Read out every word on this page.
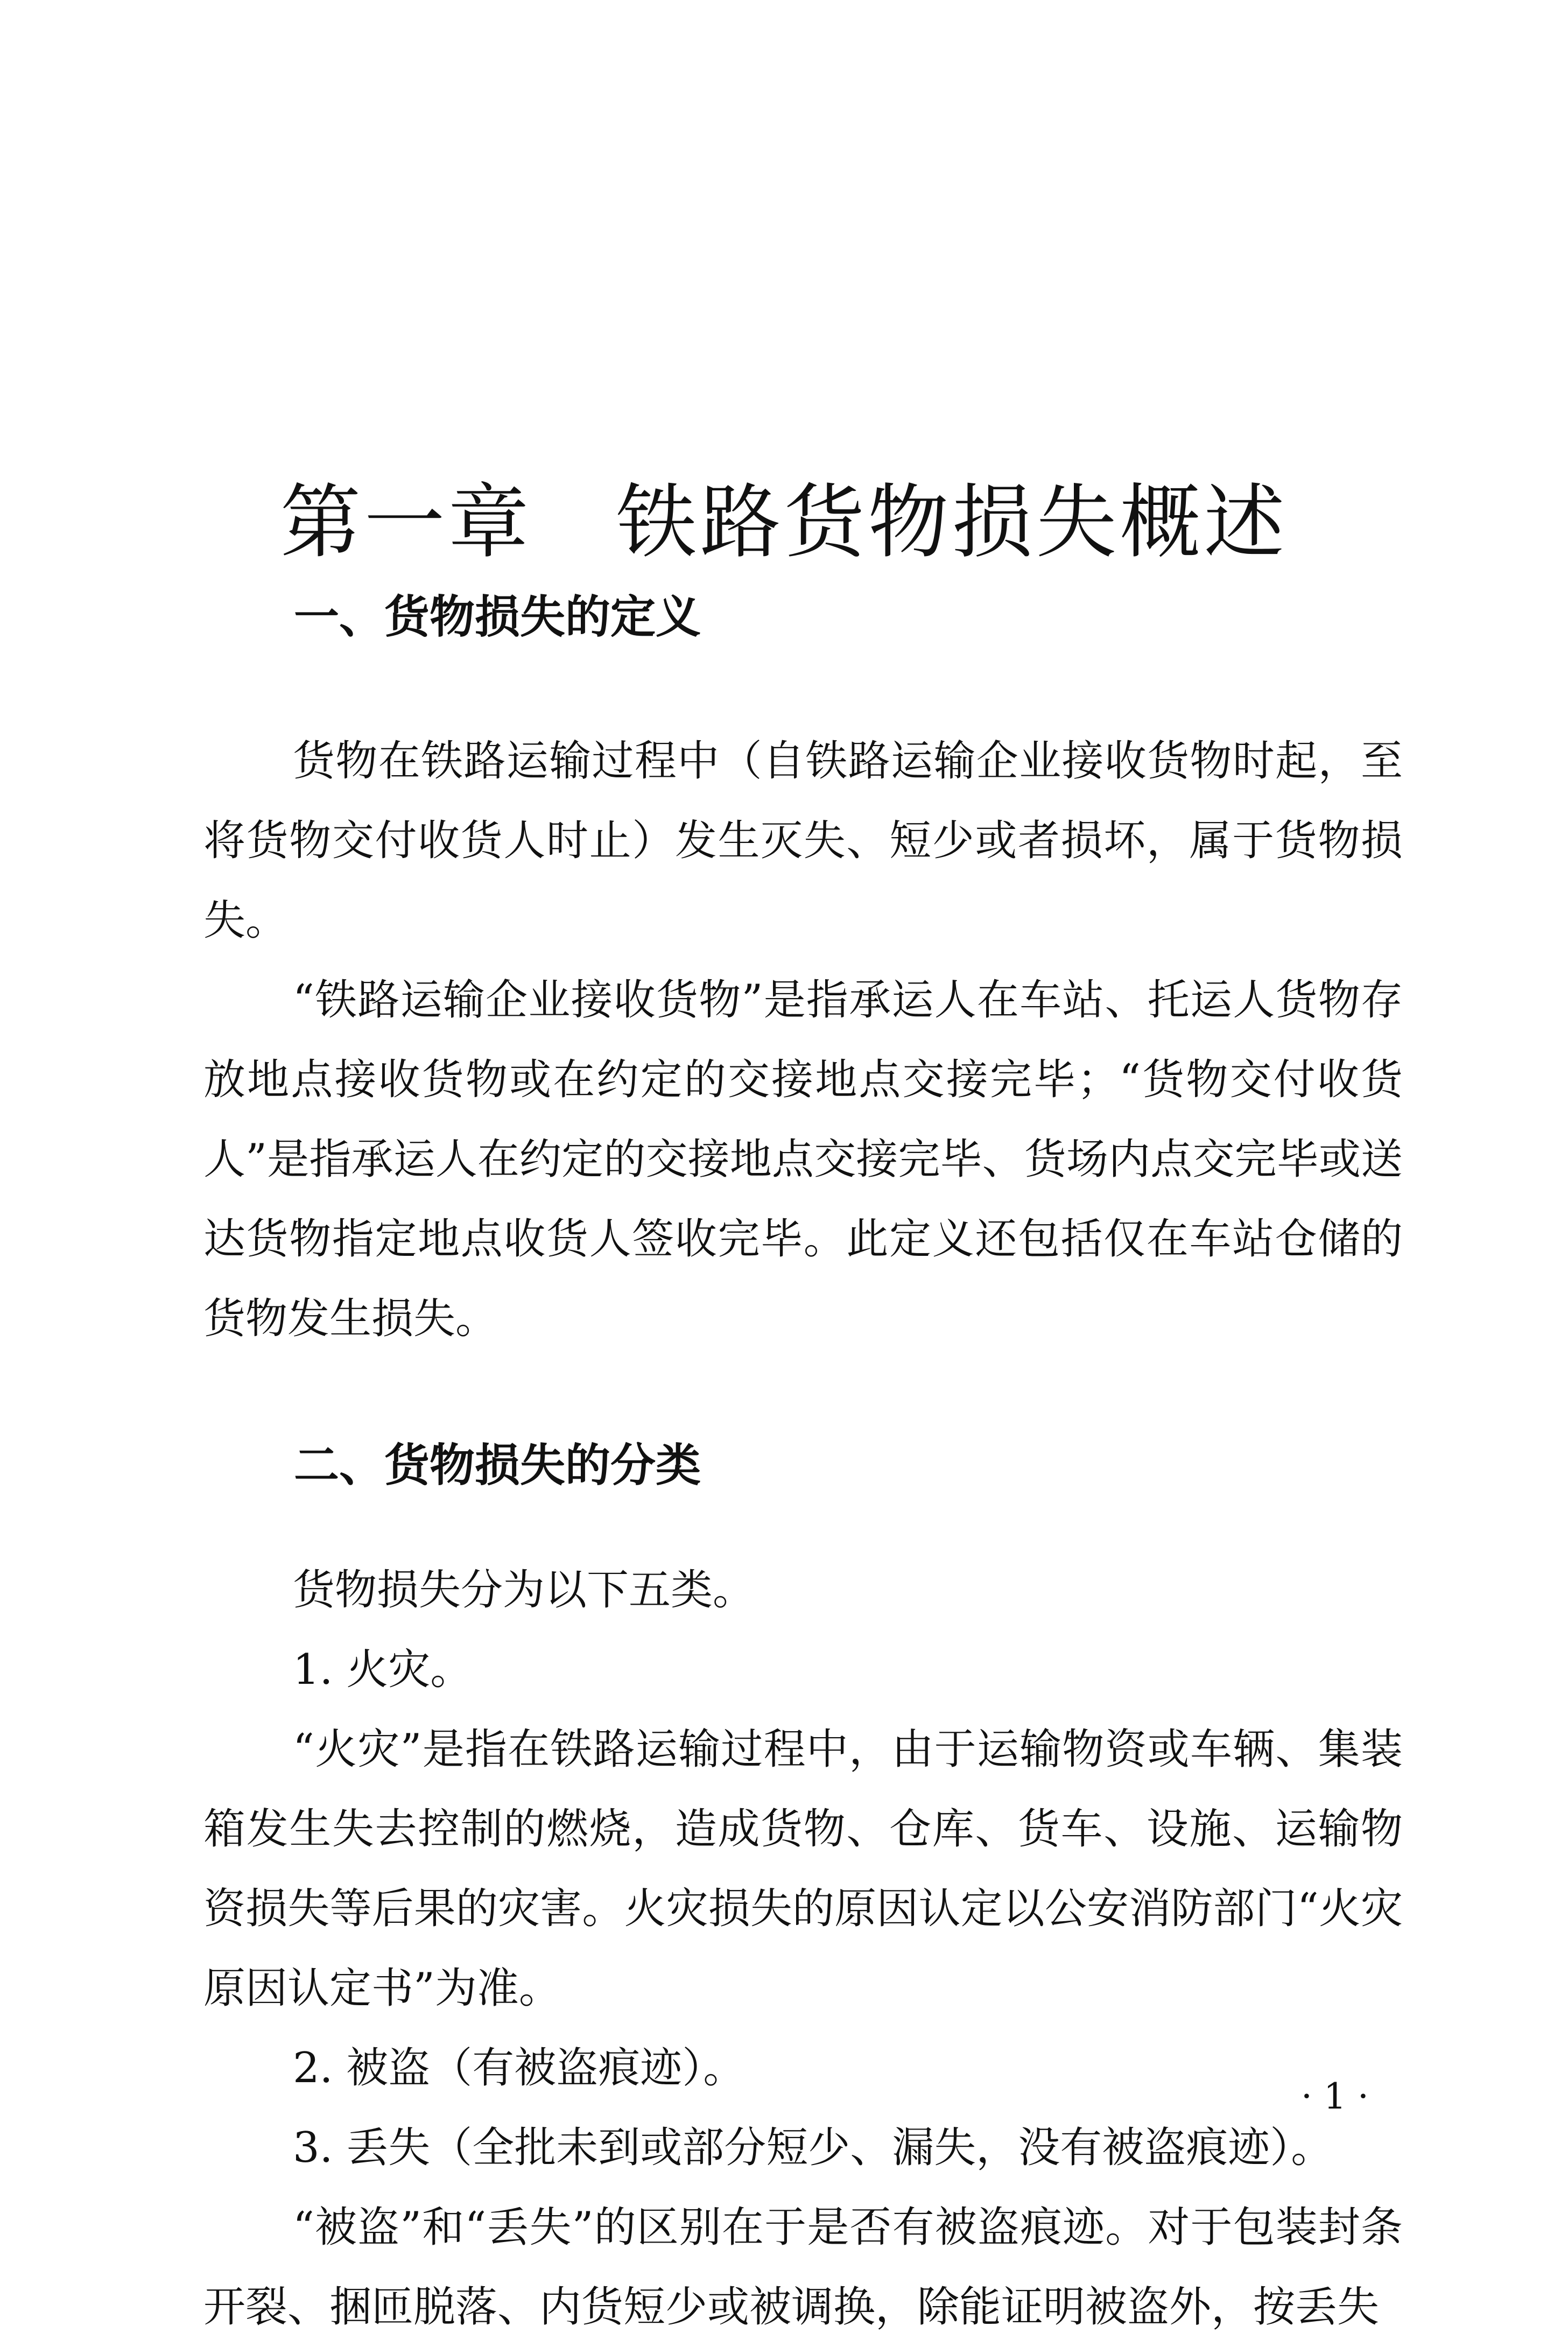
第一章　铁路货物损失概述
一、货物损失的定义

货物在铁路运输过程中（自铁路运输企业接收货物时起，至将货物交付收货人时止）发生灭失、短少或者损坏，属于货物损失。

“铁路运输企业接收货物”是指承运人在车站、托运人货物存放地点接收货物或在约定的交接地点交接完毕；“货物交付收货人”是指承运人在约定的交接地点交接完毕、货场内点交完毕或送达货物指定地点收货人签收完毕。此定义还包括仅在车站仓储的货物发生损失。

二、货物损失的分类

货物损失分为以下五类。

1. 火灾。

“火灾”是指在铁路运输过程中，由于运输物资或车辆、集装箱发生失去控制的燃烧，造成货物、仓库、货车、设施、运输物资损失等后果的灾害。火灾损失的原因认定以公安消防部门“火灾原因认定书”为准。

2. 被盗（有被盗痕迹）。

3. 丢失（全批未到或部分短少、漏失，没有被盗痕迹）。

“被盗”和“丢失”的区别在于是否有被盗痕迹。对于包装封条开裂、捆匝脱落、内货短少或被调换，除能证明被盗外，按丢失

· 1 ·
